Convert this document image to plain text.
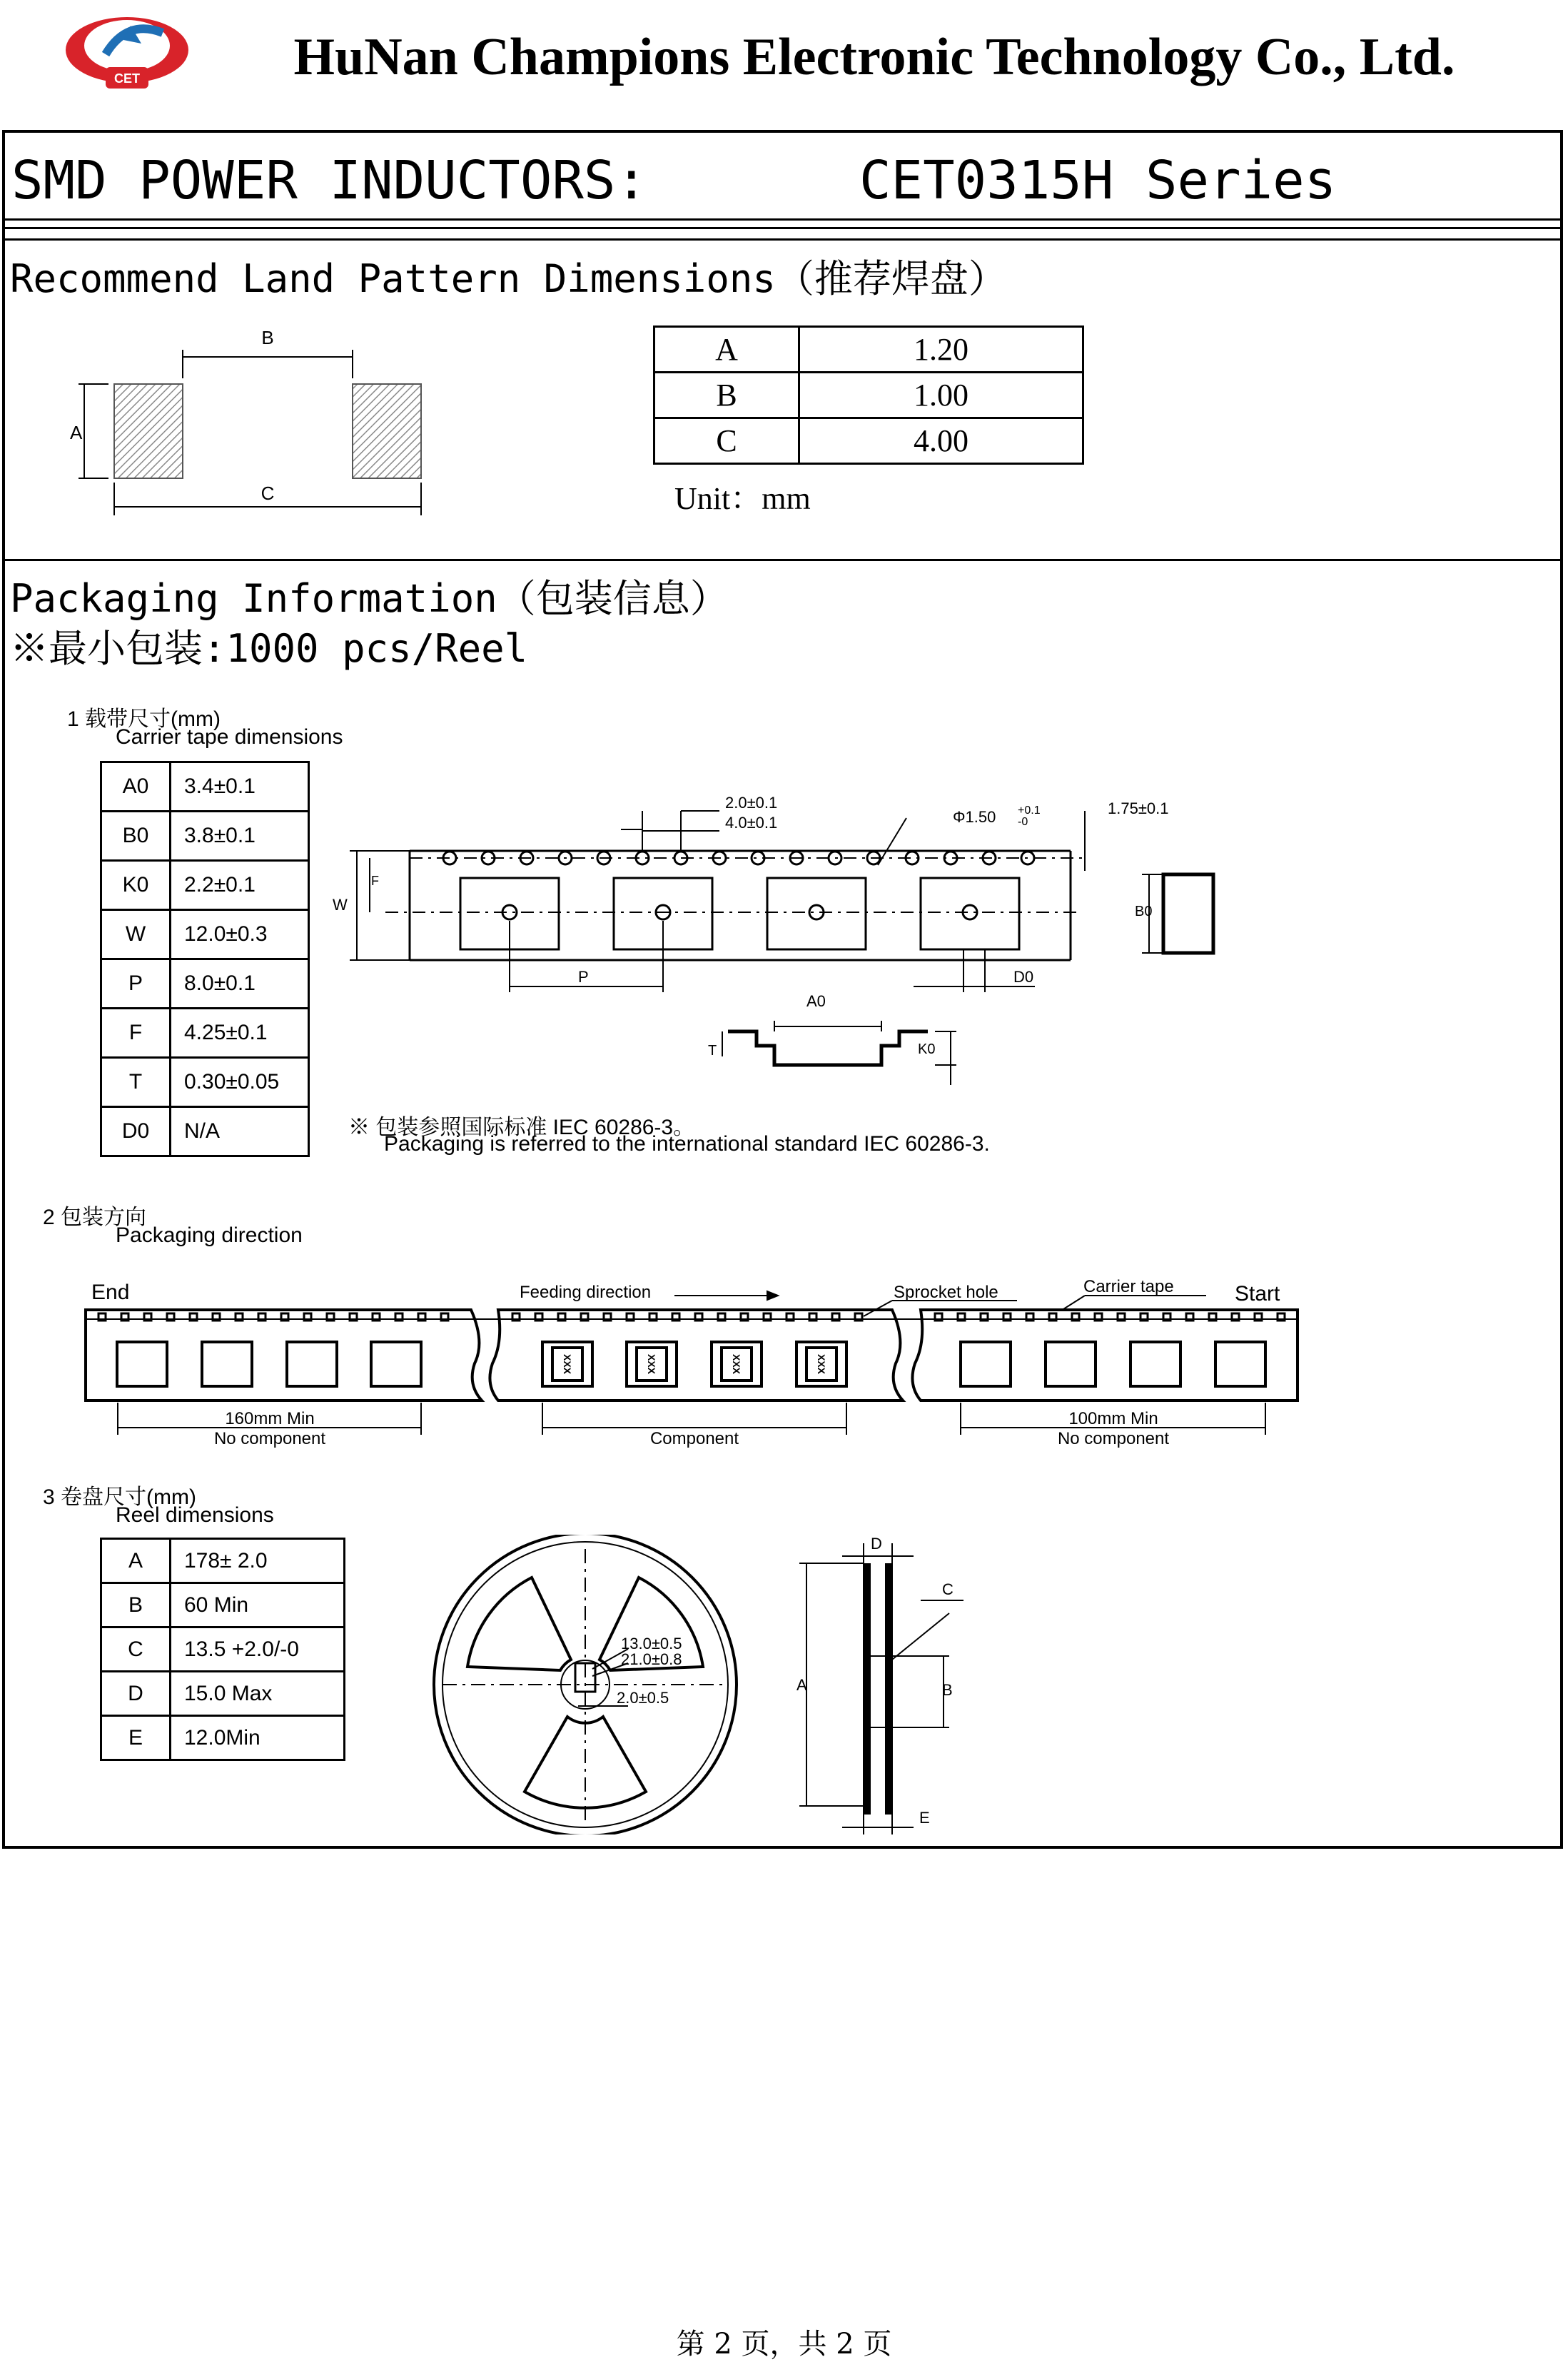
CET	HuNan Champions Electronic Technology Co., Ltd.
SMD POWER INDUCTORS:	CET0315H Series
Recommend Land Pattern Dimensions（推荐焊盘）
B
A
C
A	1.20
B	1.00
C	4.00
Unit：mm
Packaging Information（包装信息）
※最小包装:1000 pcs/Reel
1 载带尺寸(mm)
Carrier tape dimensions
A0	3.4±0.1
B0	3.8±0.1
K0	2.2±0.1
W	12.0±0.3
P	8.0±0.1
F	4.25±0.1
T	0.30±0.05
D0	N/A
2.0±0.1
4.0±0.1	Φ1.50 +0.1
-0
1.75±0.1
W
F
P	D0
B0
A0
T	K0
※ 包装参照国际标准 IEC 60286-3。
Packaging is referred to the international standard IEC 60286-3.
2 包装方向
Packaging direction
XXX	XXX	XXX	XXX
End	Start
Feeding direction	Sprocket hole	Carrier tape
160mm Min
No component	Component
100mm Min
No component
3 卷盘尺寸(mm)
Reel dimensions
A	178± 2.0
B	60 Min
C	13.5 +2.0/-0
D	15.0 Max
E	12.0Min
13.0±0.5
21.0±0.8
2.0±0.5
A	B
C
D
E
第 2 页，共 2 页
